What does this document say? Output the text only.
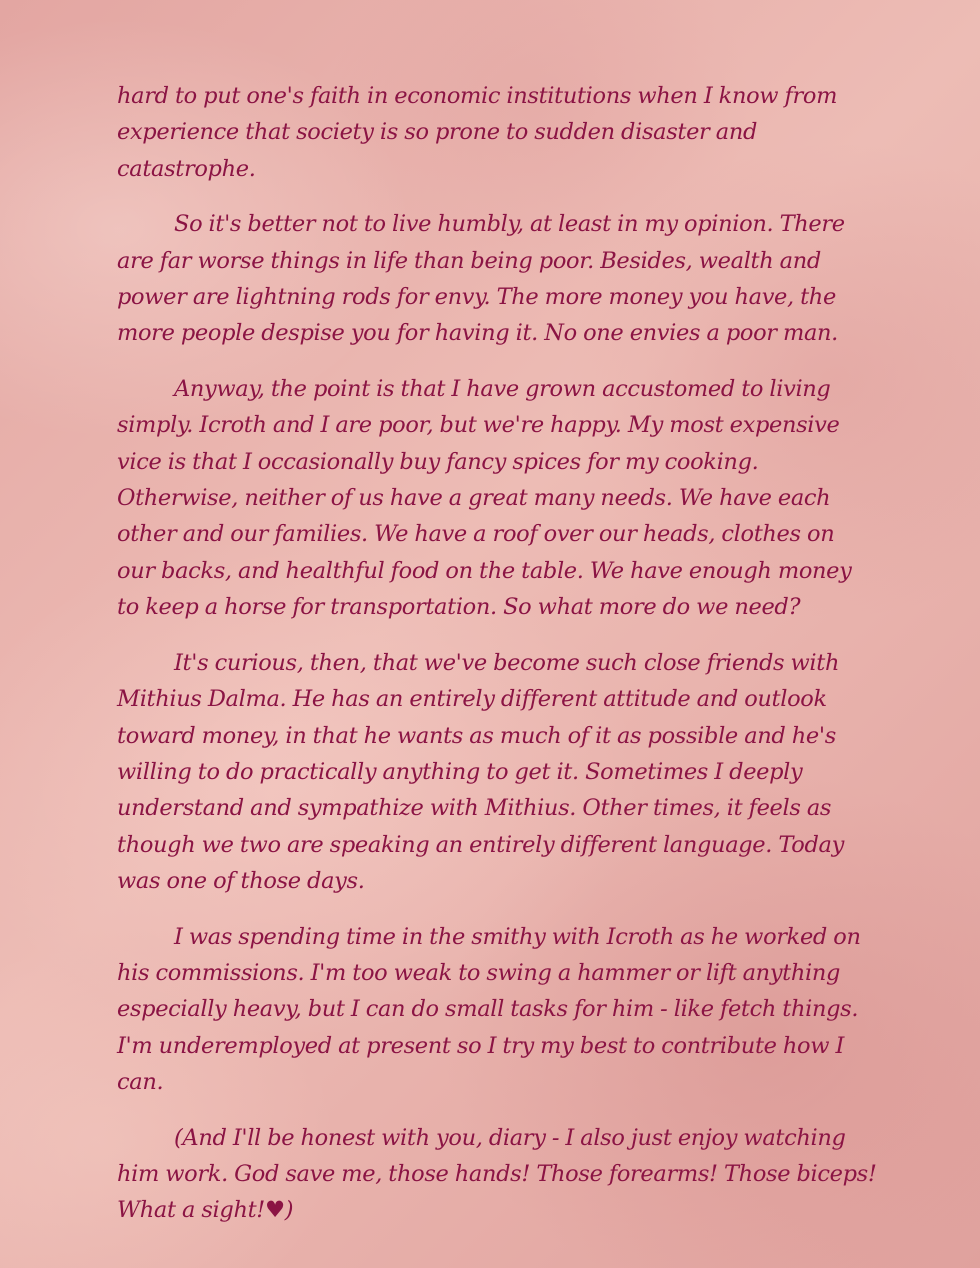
hard to put one's faith in economic institutions when I know from experience that society is so prone to sudden disaster and catastrophe.

So it's better not to live humbly, at least in my opinion. There are far worse things in life than being poor. Besides, wealth and power are lightning rods for envy. The more money you have, the more people despise you for having it. No one envies a poor man.

Anyway, the point is that I have grown accustomed to living simply. Icroth and I are poor, but we're happy. My most expensive vice is that I occasionally buy fancy spices for my cooking. Otherwise, neither of us have a great many needs. We have each other and our families. We have a roof over our heads, clothes on our backs, and healthful food on the table. We have enough money to keep a horse for transportation. So what more do we need?

It's curious, then, that we've become such close friends with Mithius Dalma. He has an entirely different attitude and outlook toward money, in that he wants as much of it as possible and he's willing to do practically anything to get it. Sometimes I deeply understand and sympathize with Mithius. Other times, it feels as though we two are speaking an entirely different language. Today was one of those days.

I was spending time in the smithy with Icroth as he worked on his commissions. I'm too weak to swing a hammer or lift anything especially heavy, but I can do small tasks for him - like fetch things. I'm underemployed at present so I try my best to contribute how I can.

(And I'll be honest with you, diary - I also just enjoy watching him work. God save me, those hands! Those forearms! Those biceps! What a sight!♥)
